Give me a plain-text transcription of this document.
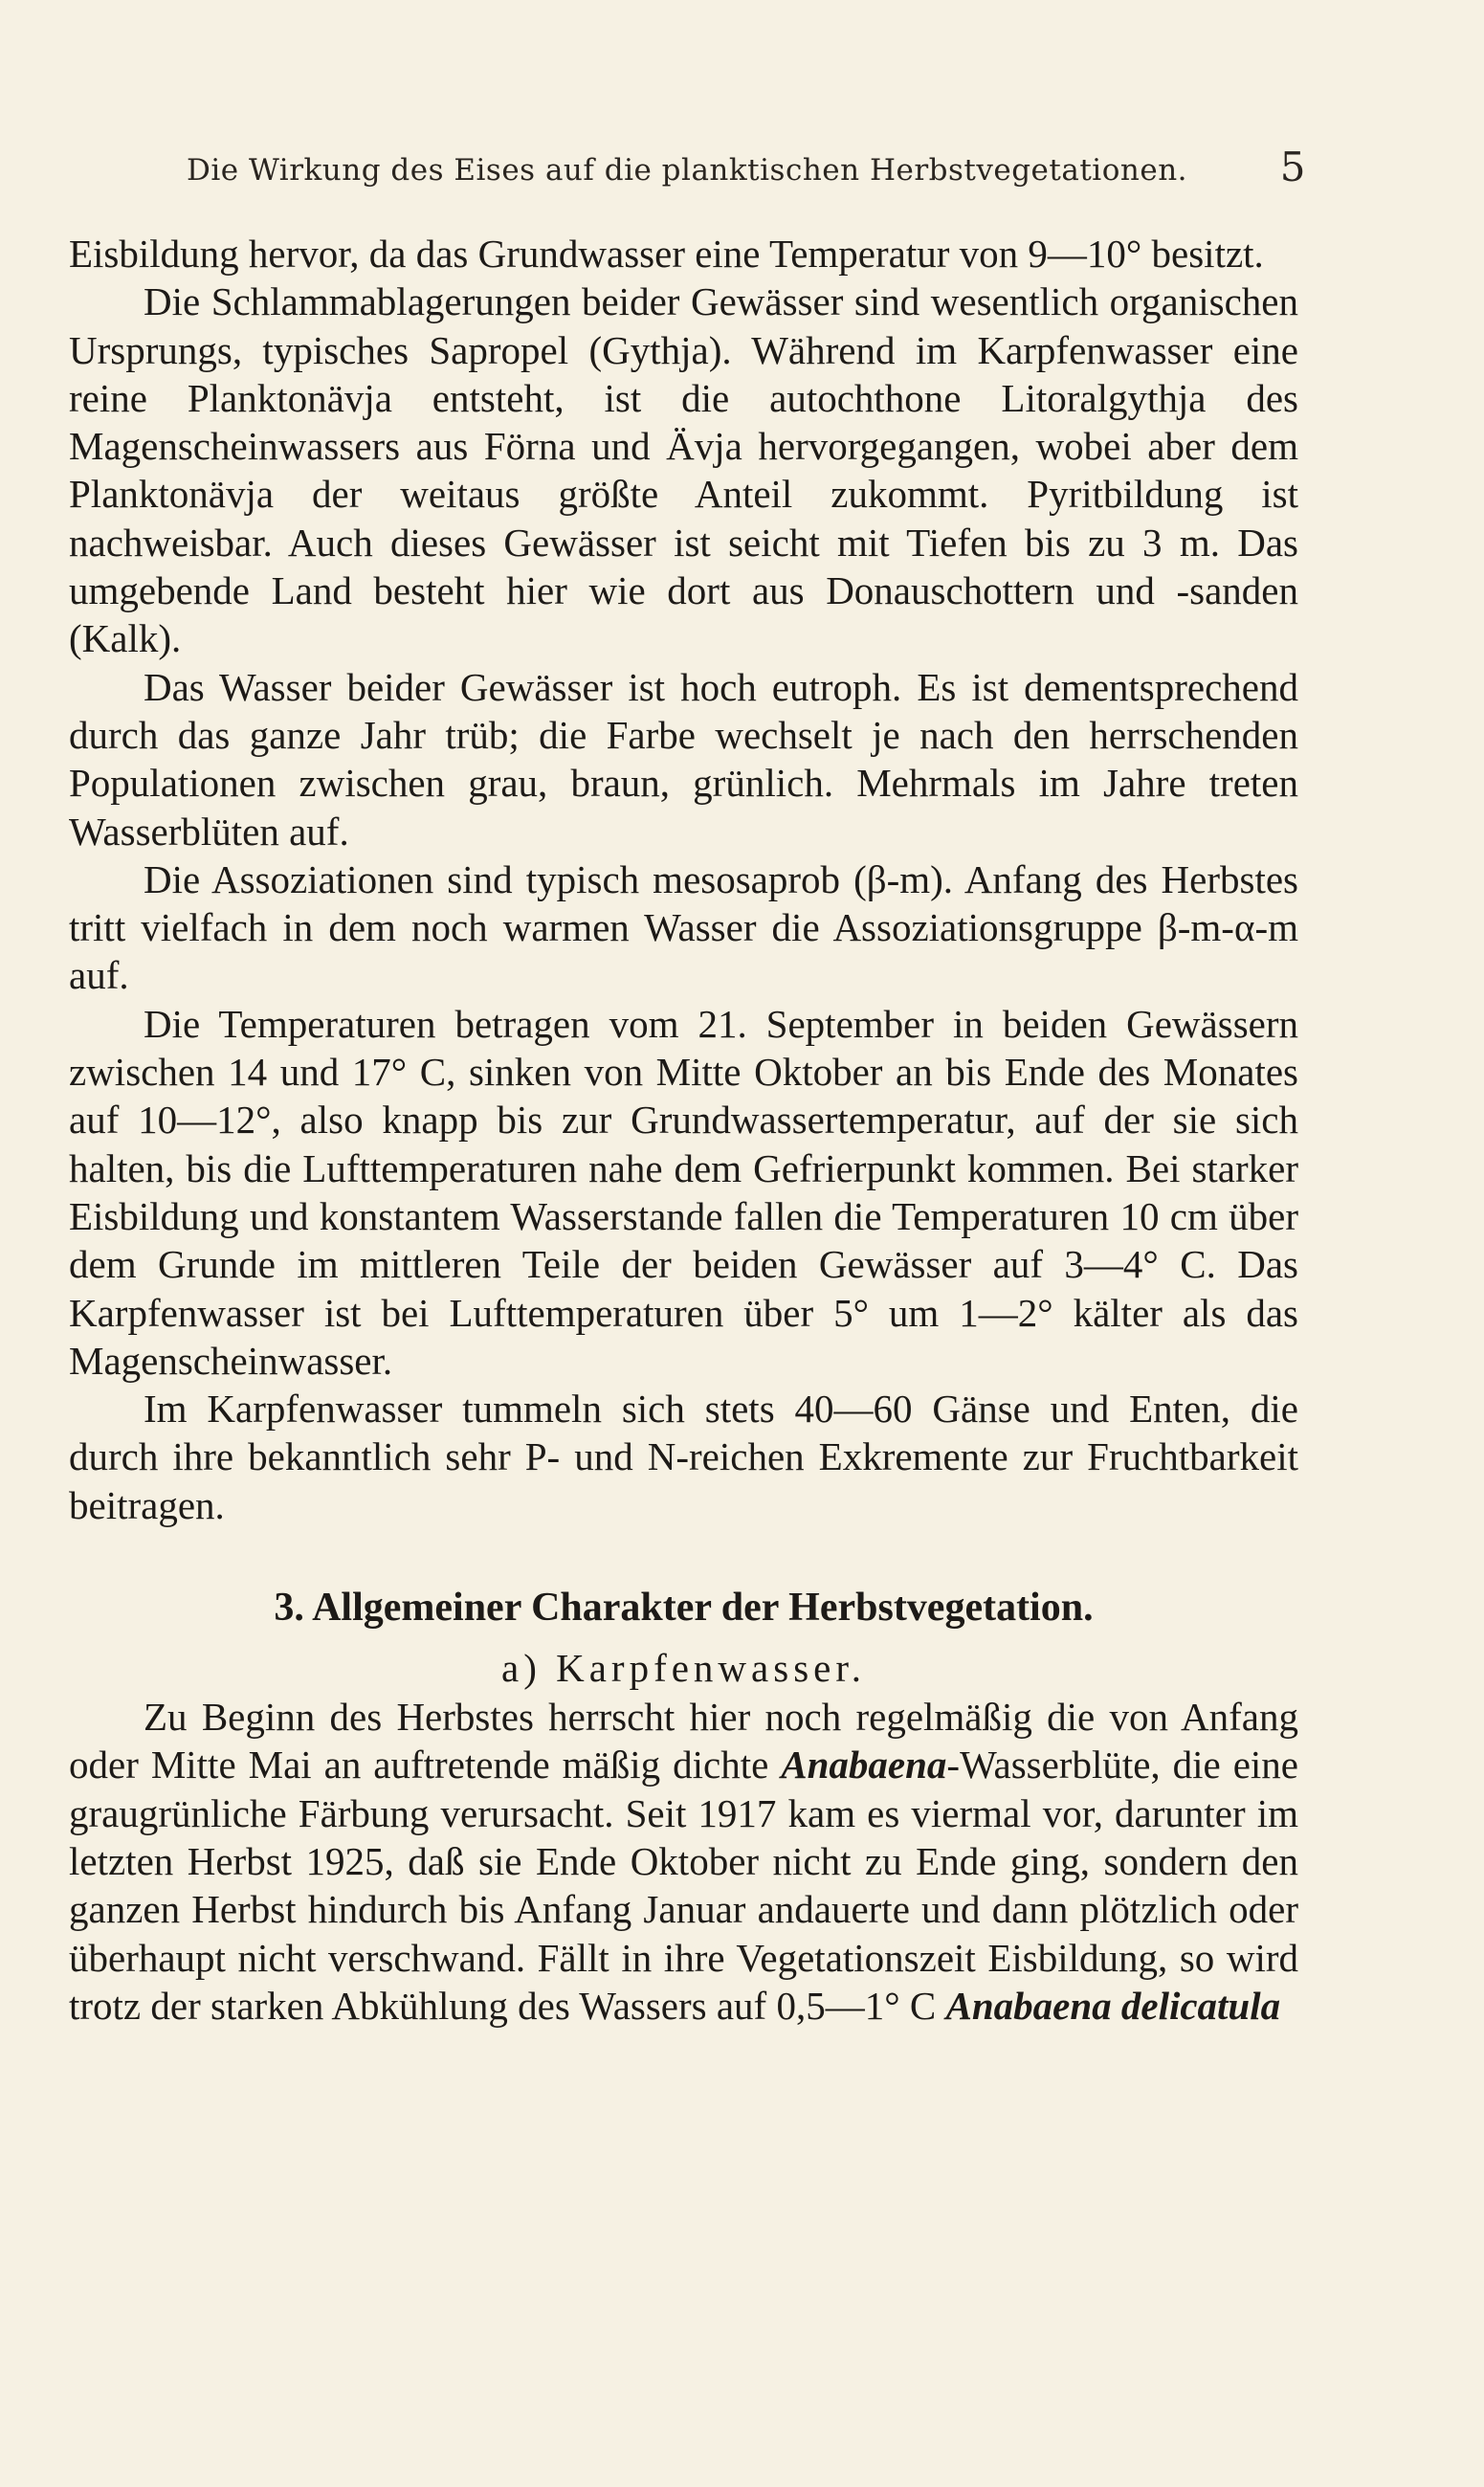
Die Wirkung des Eises auf die planktischen Herbstvegetationen. 5

Eisbildung hervor, da das Grundwasser eine Temperatur von 9—10° besitzt.

Die Schlammablagerungen beider Gewässer sind wesentlich organischen Ursprungs, typisches Sapropel (Gythja). Während im Karpfenwasser eine reine Planktonävja entsteht, ist die autochthone Litoralgythja des Magenscheinwassers aus Förna und Ävja hervorgegangen, wobei aber dem Planktonävja der weitaus größte Anteil zukommt. Pyritbildung ist nachweisbar. Auch dieses Gewässer ist seicht mit Tiefen bis zu 3 m. Das umgebende Land besteht hier wie dort aus Donauschottern und -sanden (Kalk).

Das Wasser beider Gewässer ist hoch eutroph. Es ist dementsprechend durch das ganze Jahr trüb; die Farbe wechselt je nach den herrschenden Populationen zwischen grau, braun, grünlich. Mehrmals im Jahre treten Wasserblüten auf.

Die Assoziationen sind typisch mesosaprob (β-m). Anfang des Herbstes tritt vielfach in dem noch warmen Wasser die Assoziationsgruppe β-m-α-m auf.

Die Temperaturen betragen vom 21. September in beiden Gewässern zwischen 14 und 17° C, sinken von Mitte Oktober an bis Ende des Monates auf 10—12°, also knapp bis zur Grundwassertemperatur, auf der sie sich halten, bis die Lufttemperaturen nahe dem Gefrierpunkt kommen. Bei starker Eisbildung und konstantem Wasserstande fallen die Temperaturen 10 cm über dem Grunde im mittleren Teile der beiden Gewässer auf 3—4° C. Das Karpfenwasser ist bei Lufttemperaturen über 5° um 1—2° kälter als das Magenscheinwasser.

Im Karpfenwasser tummeln sich stets 40—60 Gänse und Enten, die durch ihre bekanntlich sehr P- und N-reichen Exkremente zur Fruchtbarkeit beitragen.

3. Allgemeiner Charakter der Herbstvegetation.
a) Karpfenwasser.

Zu Beginn des Herbstes herrscht hier noch regelmäßig die von Anfang oder Mitte Mai an auftretende mäßig dichte Anabaena-Wasserblüte, die eine graugrünliche Färbung verursacht. Seit 1917 kam es viermal vor, darunter im letzten Herbst 1925, daß sie Ende Oktober nicht zu Ende ging, sondern den ganzen Herbst hindurch bis Anfang Januar andauerte und dann plötzlich oder überhaupt nicht verschwand. Fällt in ihre Vegetationszeit Eisbildung, so wird trotz der starken Abkühlung des Wassers auf 0,5—1° C Anabaena delicatula
